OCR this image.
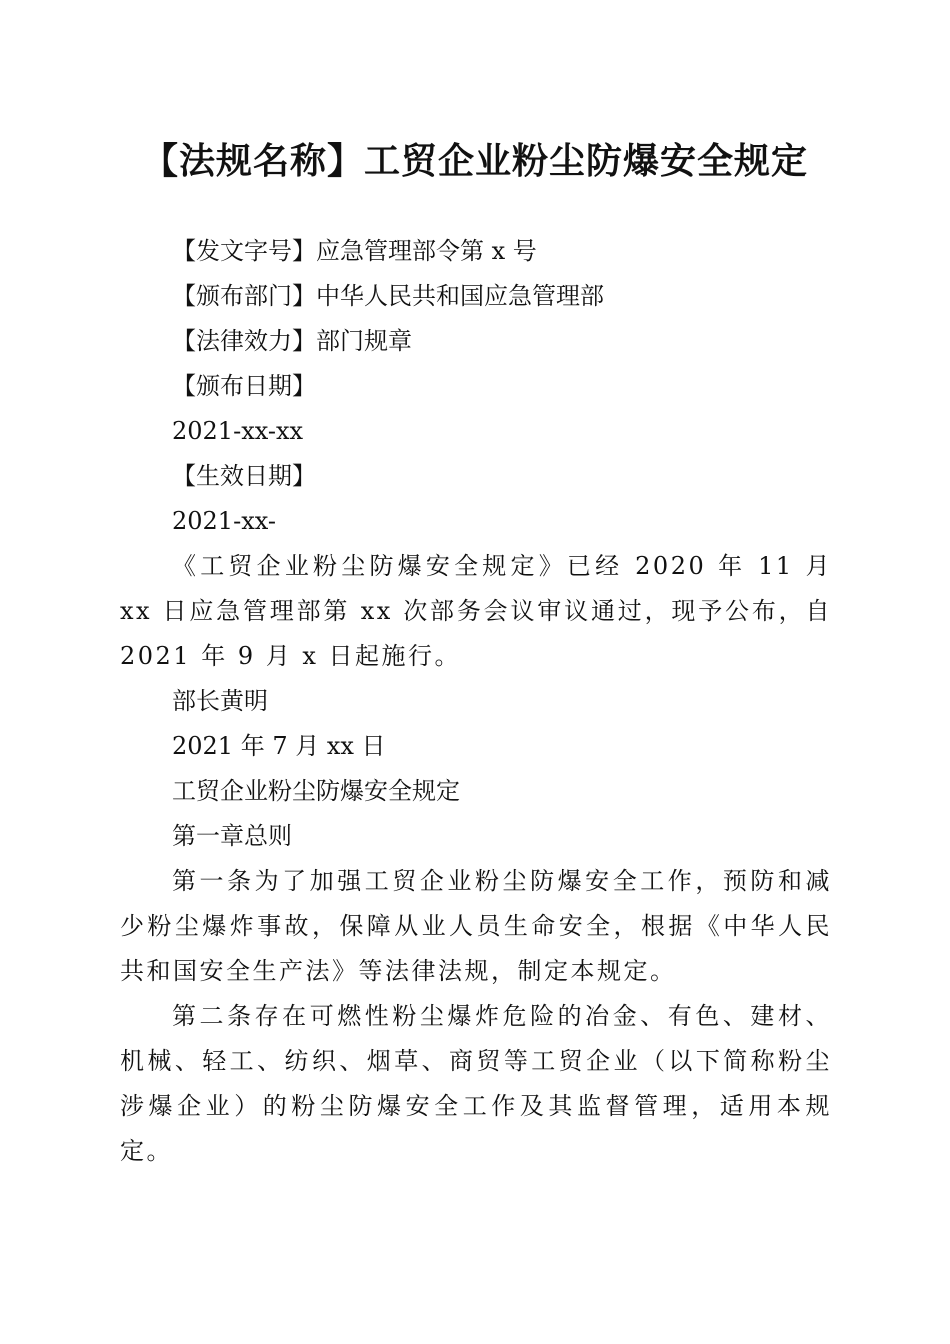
【法规名称】工贸企业粉尘防爆安全规定

【发文字号】应急管理部令第 x 号

【颁布部门】中华人民共和国应急管理部

【法律效力】部门规章

【颁布日期】

2021-xx-xx

【生效日期】

2021-xx-

《工贸企业粉尘防爆安全规定》已经 2020 年 11 月 xx 日应急管理部第 xx 次部务会议审议通过，现予公布，自 2021 年 9 月 x 日起施行。

部长黄明

2021 年 7 月 xx 日

工贸企业粉尘防爆安全规定

第一章总则

第一条为了加强工贸企业粉尘防爆安全工作，预防和减少粉尘爆炸事故，保障从业人员生命安全，根据《中华人民共和国安全生产法》等法律法规，制定本规定。

第二条存在可燃性粉尘爆炸危险的冶金、有色、建材、机械、轻工、纺织、烟草、商贸等工贸企业（以下简称粉尘涉爆企业）的粉尘防爆安全工作及其监督管理，适用本规定。
